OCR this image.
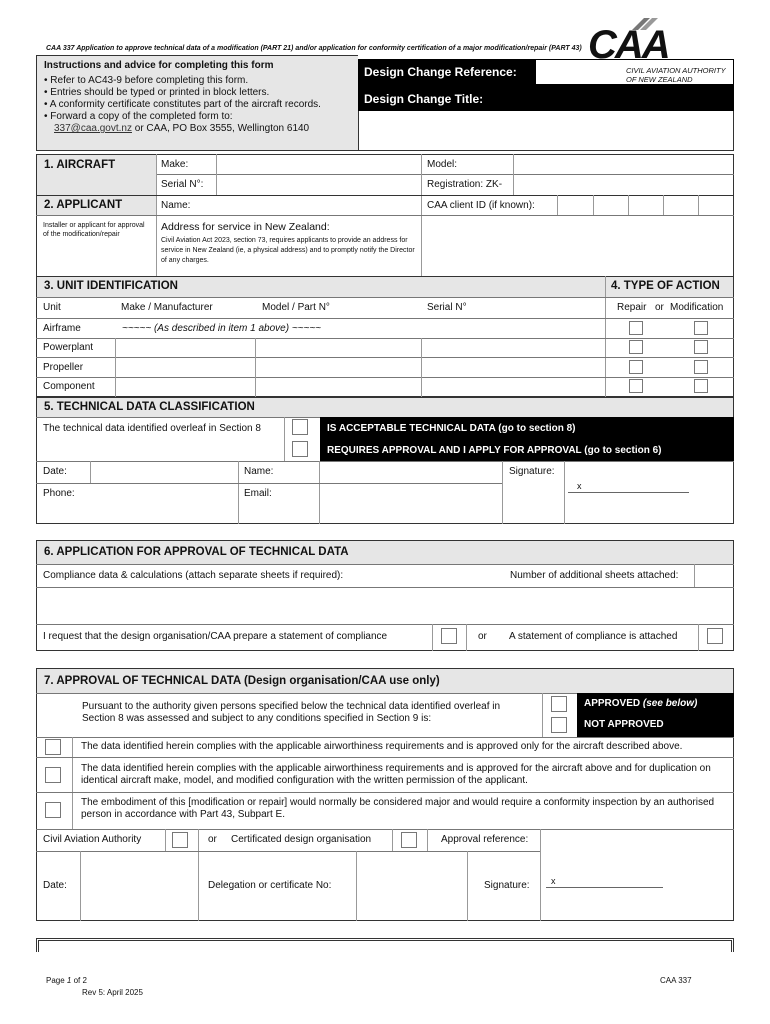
CAA 337 Application to approve technical data of a modification (PART 21) and/or application for conformity certification of a major modification/repair (PART 43) CAA
CIVIL AVIATION AUTHORITY
OF NEW ZEALAND
Instructions and advice for completing this form
• Refer to AC43-9 before completing this form.
• Entries should be typed or printed in block letters.
• A conformity certificate constitutes part of the aircraft records.
• Forward a copy of the completed form to:
337@caa.govt.nz or CAA, PO Box 3555, Wellington 6140
Design Change Reference:
Design Change Title:
1. AIRCRAFT	Make:	Model:
Serial N°:	Registration: ZK-
2. APPLICANT	Name:	CAA client ID (if known):
Installer or applicant for approval of the modification/repair
Address for service in New Zealand:
Civil Aviation Act 2023, section 73, requires applicants to provide an address for service in New Zealand (ie, a physical address) and to promptly notify the Director of any charges.
3. UNIT IDENTIFICATION	4. TYPE OF ACTION
Unit	Make / Manufacturer	Model / Part N°	Serial N°	Repair or Modification
Airframe	~~~~~ (As described in item 1 above) ~~~~~
Powerplant
Propeller
Component
5. TECHNICAL DATA CLASSIFICATION
The technical data identified overleaf in Section 8	IS ACCEPTABLE TECHNICAL DATA (go to section 8)
REQUIRES APPROVAL AND I APPLY FOR APPROVAL (go to section 6)
Date:	Name:	Signature:
Phone:	Email:
x
6. APPLICATION FOR APPROVAL OF TECHNICAL DATA
Compliance data & calculations (attach separate sheets if required):	Number of additional sheets attached:
I request that the design organisation/CAA prepare a statement of compliance	or A statement of compliance is attached
7. APPROVAL OF TECHNICAL DATA (Design organisation/CAA use only)
Pursuant to the authority given persons specified below the technical data identified overleaf in Section 8 was assessed and subject to any conditions specified in Section 9 is:
APPROVED (see below)
NOT APPROVED
The data identified herein complies with the applicable airworthiness requirements and is approved only for the aircraft described above.
The data identified herein complies with the applicable airworthiness requirements and is approved for the aircraft above and for duplication on identical aircraft make, model, and modified configuration with the written permission of the applicant.
The embodiment of this [modification or repair] would normally be considered major and would require a conformity inspection by an authorised person in accordance with Part 43, Subpart E.
Civil Aviation Authority	or Certificated design organisation	Approval reference:
Date:	Delegation or certificate No:	Signature: x
Page 1 of 2
Rev 5: April 2025
CAA 337
